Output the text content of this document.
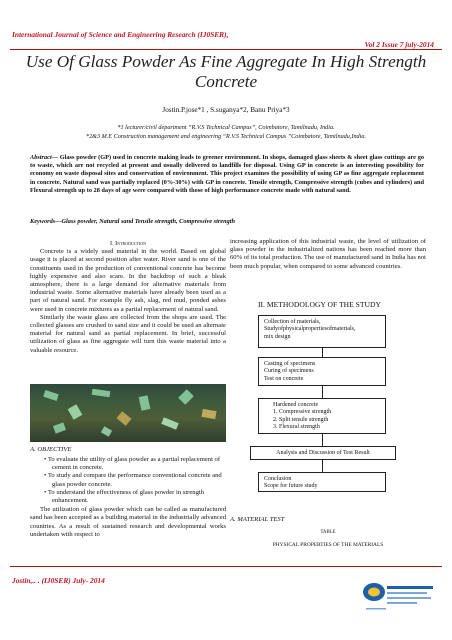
International Journal of Science and Engineering Research (IJ0SER),
Vol 2 Issue 7 july-2014
Use Of Glass Powder As Fine Aggregate In High Strength Concrete
Jostin.P.jose*1 , S.suganya*2, Banu Priya*3
*1 lecturer/civil department “R.V.S Technical Campus”, Coimbatore, Tamilnadu, India.
*2&3 M.E Construction management and engineering “R.V.S Technical Campus ”Coimbatore, Tamilnadu,India.
Abstract— Glass powder (GP) used in concrete making leads to greener environment. In shops, damaged glass sheets & sheet glass cuttings are go to waste, which are not recycled at present and usually delivered to landfills for disposal. Using GP in concrete is an interesting possibility for economy on waste disposal sites and conservation of environment. This project examines the possibility of using GP as fine aggregate replacement in concrete. Natural sand was partially replaced (0%-30%) with GP in concrete. Tensile strength, Compressive strength (cubes and cylinders) and Flexural strength up to 28 days of age were compared with those of high performance concrete made with natural sand.
Keywords—Glass powder, Natural sand Tensile strength, Compressive strength
I. Introduction
Concrete is a widely used material in the world. Based on global usage it is placed at second position after water. River sand is one of the constituents used in the production of conventional concrete has become highly expensive and also scare. In the backdrop of such a bleak atmosphere, there is a large demand for alternative materials from industrial waste. Some alternative materials have already been used as a part of natural sand. For example fly ash, slag, red mud, ponded ashes were used in concrete mixtures as a partial replacement of natural sand.
Similarly the waste glass are collected from the shops are used. The collected glasses are crushed to sand size and it could be used an alternate material for natural sand as partial replacement. In brief, successful utilization of glass as fine aggregate will turn this waste material into a valuable resource.
A. OBJECTIVE
• To evaluate the utility of glass powder as a partial replacement of cement in concrete.
• To study and compare the performance conventional concrete and glass powder concrete.
• To understand the effectiveness of glass powder in strength enhancement.
The utilization of glass powder which can be called as manufactured sand has been accepted as a building material in the industrially advanced countries. As a result of sustained research and developmental works undertaken with respect to
increasing application of this industrial waste, the level of utilization of glass powder in the industrialized nations has been reached more than 60% of its total production. The use of manufactured sand in India has not been much popular, when compared to some advanced countries.
II. METHODOLOGY OF THE STUDY
Collection of materials,
Studyofphysicalpropertiesofmaterials,
mix design
Casting of specimens
Curing of specimens
Test on concrete
Hardened concrete
1. Compressive strength
2. Split tensile strength
3. Flexural strength
Analysis and Discussion of Test Result
Conclusion
Scope for future study
A. MATERIAL TEST
TABLE
PHYSICAL PROPERTIES OF THE MATERIALS
Jostin,.. . (IJ0SER) July- 2014
